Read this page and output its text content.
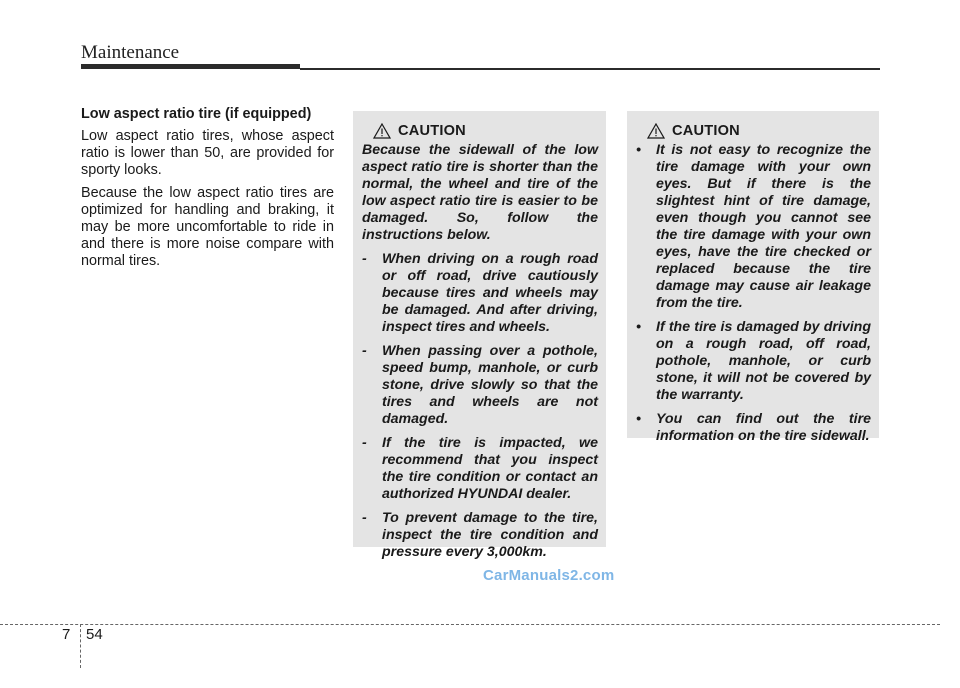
Maintenance
Low aspect ratio tire (if equipped)

Low aspect ratio tires, whose aspect ratio is lower than 50, are provided for sporty looks.

Because the low aspect ratio tires are optimized for handling and braking, it may be more uncomfortable to ride in and there is more noise compare with normal tires.

CAUTION

Because the sidewall of the low aspect ratio tire is shorter than the normal, the wheel and tire of the low aspect ratio tire is easier to be damaged. So, follow the instructions below.

- When driving on a rough road or off road, drive cautiously because tires and wheels may be damaged. And after driving, inspect tires and wheels.
- When passing over a pothole, speed bump, manhole, or curb stone, drive slowly so that the tires and wheels are not damaged.
- If the tire is impacted, we recommend that you inspect the tire condition or contact an authorized HYUNDAI dealer.
- To prevent damage to the tire, inspect the tire condition and pressure every 3,000km.
CAUTION
• It is not easy to recognize the tire damage with your own eyes. But if there is the slightest hint of tire damage, even though you cannot see the tire damage with your own eyes, have the tire checked or replaced because the tire damage may cause air leakage from the tire.
• If the tire is damaged by driving on a rough road, off road, pothole, manhole, or curb stone, it will not be covered by the warranty.
• You can find out the tire information on the tire sidewall.
CarManuals2.com
7 54
